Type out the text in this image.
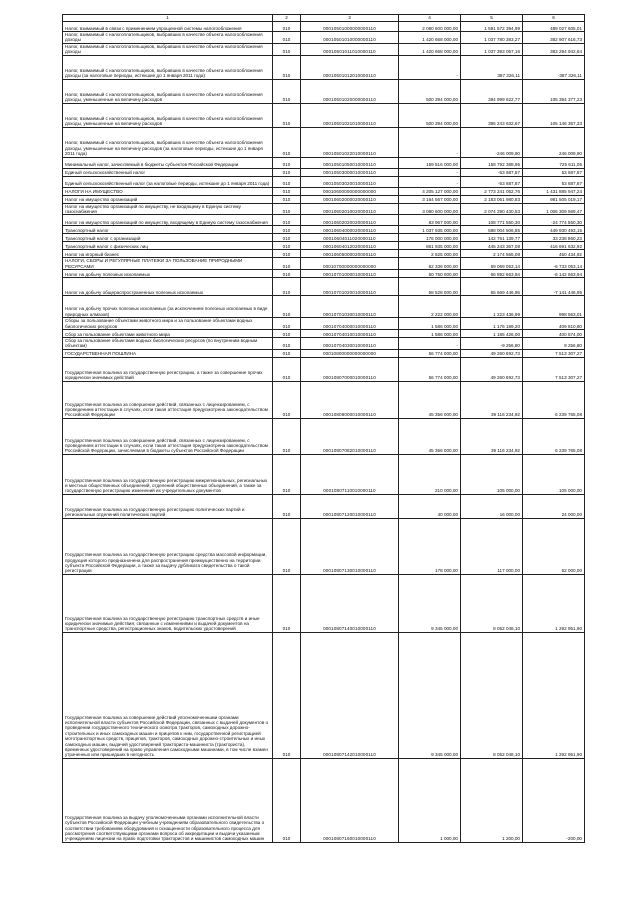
1	2	3	4	5	6
Налог, взимаемый в связи с применением упрощенной системы налогообложения	010	00010501000000000110	2 080 600 000,00	1 591 572 394,99	489 027 605,01
Налог, взимаемый с налогоплательщиков, выбравших в качестве объекта налогообложения доходы	010	00010501010000000110	1 420 668 000,00	1 037 780 383,27	382 907 616,73
Налог, взимаемый с налогоплательщиков, выбравших в качестве объекта налогообложения доходы	010	00010501011010000110	1 420 668 000,00	1 037 393 057,16	383 294 942,84
Налог, взимаемый с налогоплательщиков, выбравших в качестве объекта налогообложения доходы (за налоговые периоды, истекшие до 1 января 2011 года)	010	00010501012010000110	-	387 326,11	-387 326,11
Налог, взимаемый с налогоплательщиков, выбравших в качестве объекта налогообложения доходы, уменьшенные на величину расходов	010	00010501020000000110	500 394 000,00	394 999 622,77	105 394 377,23
Налог, взимаемый с налогоплательщиков, выбравших в качестве объекта налогообложения доходы, уменьшенные на величину расходов	010	00010501021010000110	500 394 000,00	395 243 632,67	105 146 367,33
Налог, взимаемый с налогоплательщиков, выбравших в качестве объекта налогообложения доходы, уменьшенные на величину расходов (за налоговые периоды, истекшие до 1 января 2011 года)	010	00010501022010000110	-	-246 009,90	246 009,90
Минимальный налог, зачисляемый в бюджеты субъектов Российской Федерации	010	00010501050010000110	159 516 000,00	158 792 388,95	725 611,05
Единый сельскохозяйственный налог	010	00010503000010000110	-	-53 687,87	53 687,87
Единый сельскохозяйственный налог (за налоговые периоды, истекшие до 1 января 2011 года)	010	00010503020010000110	-	-53 687,87	53 687,87
НАЛОГИ НА ИМУЩЕСТВО	010	00010600000000000000	4 205 127 000,00	2 773 241 052,76	1 431 885 947,24
Налог на имущество организаций	010	00010602000020000110	3 164 567 000,00	2 183 061 980,83	981 505 019,17
Налог на имущество организаций по имуществу, не входящему в Единую систему газоснабжения	010	00010602010020000110	3 080 600 000,00	2 074 290 430,53	1 006 309 569,47
Налог на имущество организаций по имуществу, входящему в Единую систему газоснабжения	010	00010602020020000110	83 967 000,00	108 771 550,30	-24 774 550,30
Транспортный налог	010	00010604000020000110	1 037 935 000,00	588 004 506,85	449 930 493,15
Транспортный налог с организаций	010	00010604011020000110	176 000 000,00	142 761 139,77	33 238 860,23
Транспортный налог с физических лиц	010	00010604012020000110	861 935 000,00	445 243 367,08	416 691 632,92
Налог на игорный бизнес	010	00010605000020000110	2 625 000,00	2 174 565,08	450 434,92
НАЛОГИ, СБОРЫ И РЕГУЛЯРНЫЕ ПЛАТЕЖИ ЗА ПОЛЬЗОВАНИЕ ПРИРОДНЫМИ РЕСУРСАМИ	010	00010700000000000000	62 336 000,00	69 069 053,14	-6 733 053,14
Налог на добычу полезных ископаемых	010	00010701000010000110	60 750 000,00	66 892 663,94	-6 142 663,94
Налог на добычу общераспространенных полезных ископаемых	010	00010701020010000110	58 528 000,00	65 669 446,95	-7 141 446,95
Налог на добычу прочих полезных ископаемых (за исключением полезных ископаемых в виде природных алмазов)	010	00010701030010000110	2 222 000,00	1 223 436,99	998 563,01
Сборы за пользование объектами животного мира и за пользование объектами водных биологических ресурсов	010	00010704000010000110	1 586 000,00	1 176 189,20	409 810,80
Сбор за пользование объектами животного мира	010	00010704010010000110	1 586 000,00	1 185 426,00	400 574,00
Сбор за пользование объектами водных биологических ресурсов (по внутренним водным объектам)	010	00010704030010000110	-	-9 256,80	9 256,80
ГОСУДАРСТВЕННАЯ ПОШЛИНА	010	00010800000000000000	56 774 000,00	49 260 692,73	7 513 307,27
Государственная пошлина за государственную регистрацию, а также за совершение прочих юридически значимых действий	010	00010807000010000110	56 774 000,00	49 260 692,73	7 513 307,27
Государственная пошлина за совершение действий, связанных с лицензированием, с проведением аттестации в случаях, если такая аттестация предусмотрена законодательством Российской Федерации	010	00010808000010000110	45 356 000,00	39 116 234,92	6 239 765,08
Государственная пошлина за совершение действий, связанных с лицензированием, с проведением аттестации в случаях, если такая аттестация предусмотрена законодательством Российской Федерации, зачисляемая в бюджеты субъектов Российской Федерации	010	00010807082010000110	45 356 000,00	39 116 234,92	6 239 765,08
Государственная пошлина за государственную регистрацию межрегиональных, региональных и местных общественных объединений, отделений общественных объединений, а также за государственную регистрацию изменений их учредительных документов	010	00010807110010000110	210 000,00	105 000,00	105 000,00
Государственная пошлина за государственную регистрацию политических партий и региональных отделений политических партий	010	00010807120010000110	40 000,00	16 000,00	24 000,00
Государственная пошлина за государственную регистрацию средства массовой информации, продукция которого предназначена для распространения преимущественно на территории субъекта Российской Федерации, а также за выдачу дубликата свидетельства о такой регистрации	010	00010807130010000110	178 000,00	117 000,00	62 000,00
Государственная пошлина за государственную регистрацию транспортных средств и иные юридически значимые действия, связанные с изменениями и выдачей документов на транспортные средства, регистрационных знаков, водительских удостоверений	010	00010807140010000110	9 345 000,00	8 052 048,10	1 292 951,90
Государственная пошлина за совершение действий уполномоченными органами исполнительной власти субъектов Российской Федерации, связанных с выдачей документов о проведении государственного технического осмотра тракторов, самоходных дорожно-строительных и иных самоходных машин и прицепов к ним, государственной регистрацией мототранспортных средств, прицепов, тракторов, самоходных дорожно-строительных и иных самоходных машин, выдачей удостоверений тракториста-машиниста (тракториста), временных удостоверений на право управления самоходными машинами, в том числе взамен утраченных или пришедших в негодность	010	00010807142010000110	9 345 000,00	8 052 048,10	1 292 951,90
Государственная пошлина за выдачу уполномоченными органами исполнительной власти субъектов Российской Федерации учебным учреждениям образовательного свидетельства о соответствии требованиям оборудования и оснащенности образовательного процесса для рассмотрения соответствующими органами вопроса об аккредитации и выдачи указанным учреждениям лицензии на право подготовки трактористов и машинистов самоходных машин	010	00010807160010000110	1 000,00	1 200,00	-200,00
